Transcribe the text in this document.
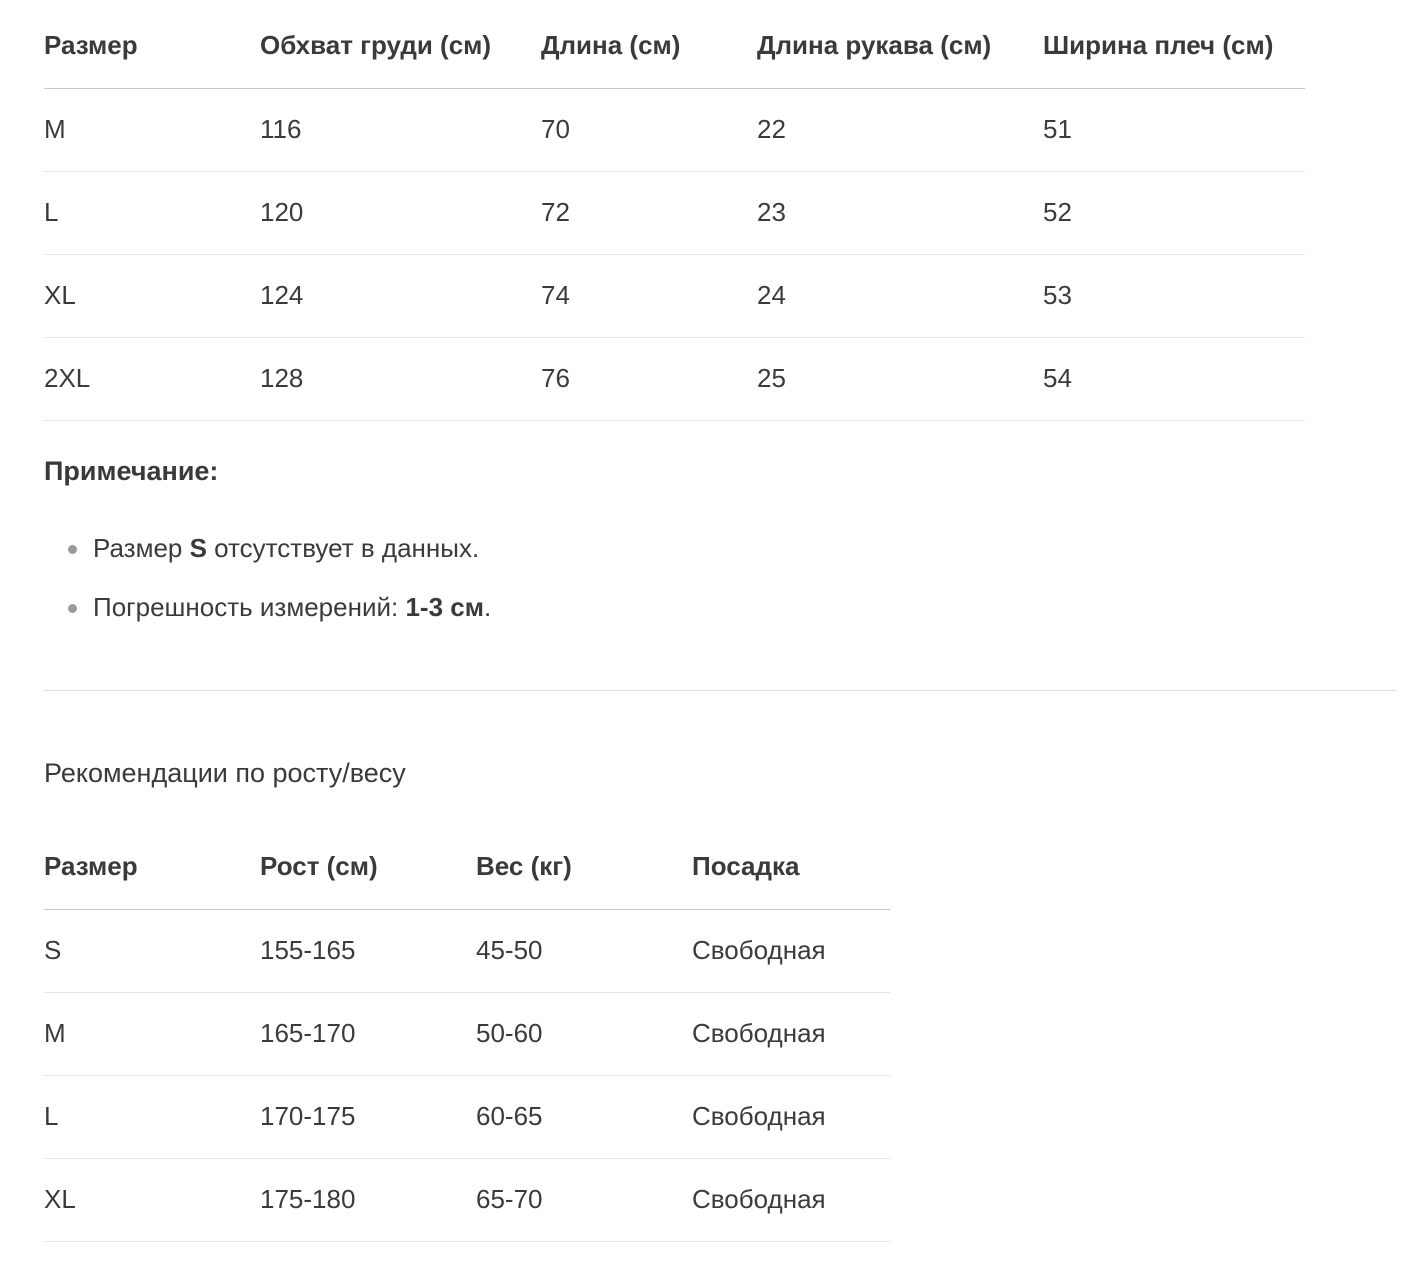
Размер	Обхват груди (см)	Длина (см)	Длина рукава (см)	Ширина плеч (см)
M	116	70	22	51
L	120	72	23	52
XL	124	74	24	53
2XL	128	76	25	54
Примечание:
Размер S отсутствует в данных.
Погрешность измерений: 1-3 см.
Рекомендации по росту/весу
Размер	Рост (см)	Вес (кг)	Посадка
S	155-165	45-50	Свободная
M	165-170	50-60	Свободная
L	170-175	60-65	Свободная
XL	175-180	65-70	Свободная
